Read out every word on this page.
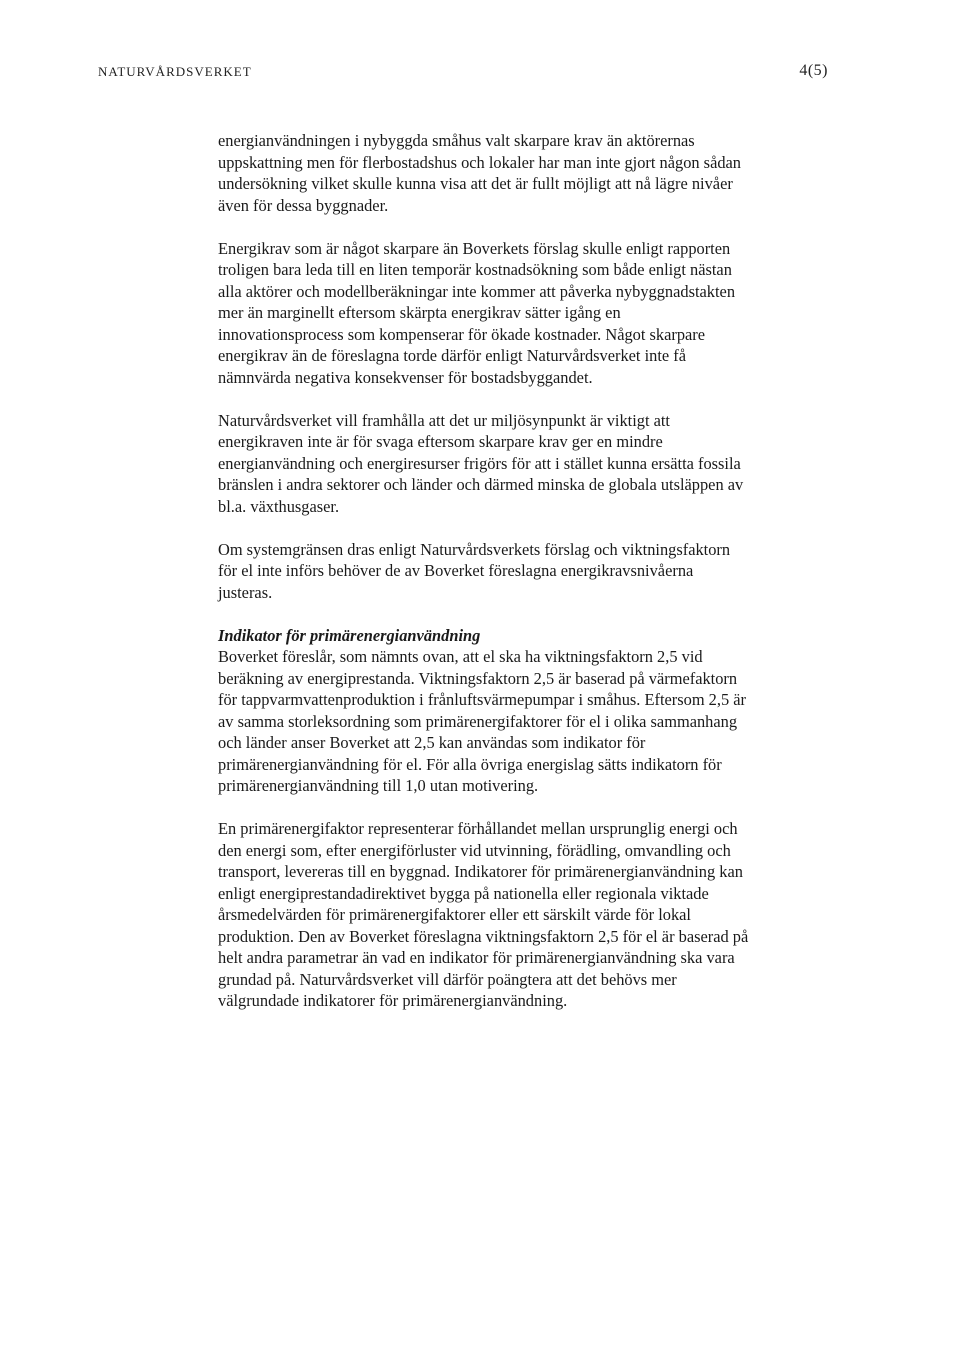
NATURVÅRDSVERKET	4(5)

energianvändningen i nybyggda småhus valt skarpare krav än aktörernas
uppskattning men för flerbostadshus och lokaler har man inte gjort någon sådan
undersökning vilket skulle kunna visa att det är fullt möjligt att nå lägre nivåer
även för dessa byggnader.

Energikrav som är något skarpare än Boverkets förslag skulle enligt rapporten
troligen bara leda till en liten temporär kostnadsökning som både enligt nästan
alla aktörer och modellberäkningar inte kommer att påverka nybyggnadstakten
mer än marginellt eftersom skärpta energikrav sätter igång en
innovationsprocess som kompenserar för ökade kostnader. Något skarpare
energikrav än de föreslagna torde därför enligt Naturvårdsverket inte få
nämnvärda negativa konsekvenser för bostadsbyggandet.

Naturvårdsverket vill framhålla att det ur miljösynpunkt är viktigt att
energikraven inte är för svaga eftersom skarpare krav ger en mindre
energianvändning och energiresurser frigörs för att i stället kunna ersätta fossila
bränslen i andra sektorer och länder och därmed minska de globala utsläppen av
bl.a. växthusgaser.

Om systemgränsen dras enligt Naturvårdsverkets förslag och viktningsfaktorn
för el inte införs behöver de av Boverket föreslagna energikravsnivåerna
justeras.

Indikator för primärenergianvändning

Boverket föreslår, som nämnts ovan, att el ska ha viktningsfaktorn 2,5 vid
beräkning av energiprestanda. Viktningsfaktorn 2,5 är baserad på värmefaktorn
för tappvarmvattenproduktion i frånluftsvärmepumpar i småhus. Eftersom 2,5 är
av samma storleksordning som primärenergifaktorer för el i olika sammanhang
och länder anser Boverket att 2,5 kan användas som indikator för
primärenergianvändning för el. För alla övriga energislag sätts indikatorn för
primärenergianvändning till 1,0 utan motivering.

En primärenergifaktor representerar förhållandet mellan ursprunglig energi och
den energi som, efter energiförluster vid utvinning, förädling, omvandling och
transport, levereras till en byggnad. Indikatorer för primärenergianvändning kan
enligt energiprestandadirektivet bygga på nationella eller regionala viktade
årsmedelvärden för primärenergifaktorer eller ett särskilt värde för lokal
produktion. Den av Boverket föreslagna viktningsfaktorn 2,5 för el är baserad på
helt andra parametrar än vad en indikator för primärenergianvändning ska vara
grundad på. Naturvårdsverket vill därför poängtera att det behövs mer
välgrundade indikatorer för primärenergianvändning.
